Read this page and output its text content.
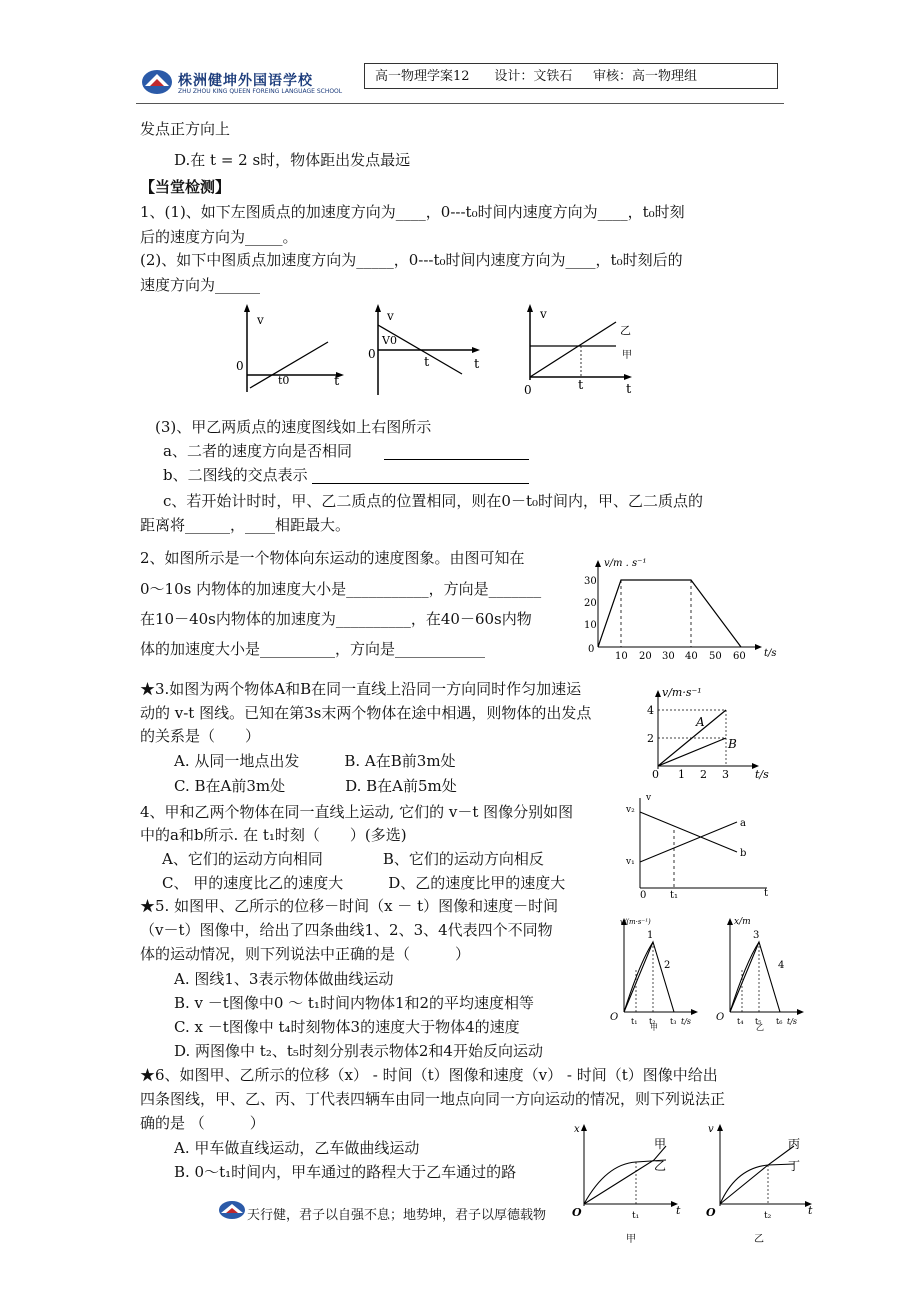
株洲健坤外国语学校
ZHU ZHOU KING QUEEN FOREING LANGUAGE SCHOOL
高一物理学案12 设计：文铁石 审核：高一物理组
发点正方向上
D.在 t = 2 s时，物体距出发点最远
【当堂检测】
1、(1)、如下左图质点的加速度方向为____，0---t₀时间内速度方向为____，t₀时刻
后的速度方向为_____。
(2)、如下中图质点加速度方向为_____，0---t₀时间内速度方向为____，t₀时刻后的
速度方向为______
v
0
t0	t
v
V0
0
t	t
v
0
乙
甲
t	t
(3)、甲乙两质点的速度图线如上右图所示
a、二者的速度方向是否相同
b、二图线的交点表示
c、若开始计时时，甲、乙二质点的位置相同，则在0－t₀时间内，甲、乙二质点的
距离将______，____相距最大。
2、如图所示是一个物体向东运动的速度图象。由图可知在
0～10s 内物体的加速度大小是___________，方向是_______
在10－40s内物体的加速度为__________，在40－60s内物
体的加速度大小是__________，方向是____________
v/m . s⁻¹
30
20
10
0
10 20 30 40 50 60 t/s
★3.如图为两个物体A和B在同一直线上沿同一方向同时作匀加速运
动的 v-t 图线。已知在第3s末两个物体在途中相遇，则物体的出发点
的关系是（　　）
A. 从同一地点出发　　　B. A在B前3m处
C. B在A前3m处　　　　D. B在A前5m处
v/m·s⁻¹
4
2
0 1 2 3 t/s
A
B
4、甲和乙两个物体在同一直线上运动, 它们的 v－t 图像分别如图
中的a和b所示. 在 t₁时刻（　　）(多选)
A、它们的运动方向相同　　　　B、它们的运动方向相反
C、 甲的速度比乙的速度大　　　D、乙的速度比甲的速度大
v
v₂
v₁
0 t₁	t
a
b
★5. 如图甲、乙所示的位移－时间（x － t）图像和速度－时间
（v－t）图像中，给出了四条曲线1、2、3、4代表四个不同物
体的运动情况，则下列说法中正确的是（　　　）
A. 图线1、3表示物体做曲线运动
B. v －t图像中0 ～ t₁时间内物体1和2的平均速度相等
C. x －t图像中 t₄时刻物体3的速度大于物体4的速度
D. 两图像中 t₂、t₅时刻分别表示物体2和4开始反向运动
v/(m·s⁻¹)
1
2
O t₁ t₂ t₃ t/s
甲
x/m
3
4
O t₄ t₅ t₆ t/s
乙
★6、如图甲、乙所示的位移（x） - 时间（t）图像和速度（v） - 时间（t）图像中给出
四条图线，甲、乙、丙、丁代表四辆车由同一地点向同一方向运动的情况，则下列说法正
确的是 （　　　）
A. 甲车做直线运动，乙车做曲线运动
B. 0～t₁时间内，甲车通过的路程大于乙车通过的路
x
O	t₁	t
甲
乙
甲
v
O	t₂	t
丙
丁
乙
天行健，君子以自强不息；地势坤，君子以厚德载物
